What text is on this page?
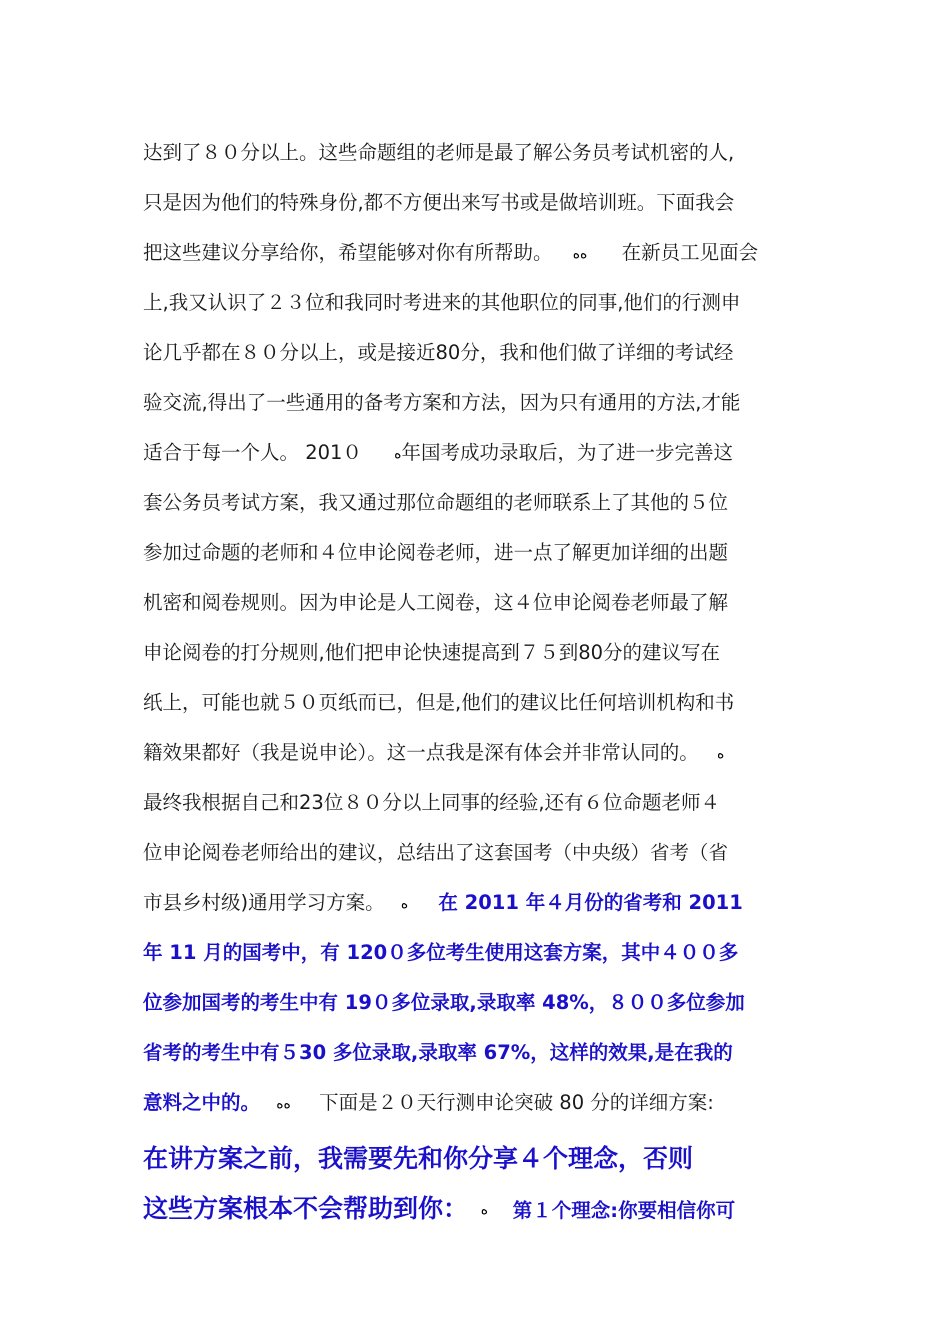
达到了８０分以上。这些命题组的老师是最了解公务员考试机密的人,
只是因为他们的特殊身份,都不方便出来写书或是做培训班。下面我会
把这些建议分享给你，希望能够对你有所帮助。 ﻩﻩ 在新员工见面会
上,我又认识了２３位和我同时考进来的其他职位的同事,他们的行测申
论几乎都在８０分以上，或是接近80分，我和他们做了详细的考试经
验交流,得出了一些通用的备考方案和方法，因为只有通用的方法,才能
适合于每一个人。 201０ ﻩ年国考成功录取后，为了进一步完善这
套公务员考试方案，我又通过那位命题组的老师联系上了其他的５位
参加过命题的老师和４位申论阅卷老师，进一点了解更加详细的出题
机密和阅卷规则。因为申论是人工阅卷，这４位申论阅卷老师最了解
申论阅卷的打分规则,他们把申论快速提高到７５到80分的建议写在
纸上，可能也就５０页纸而已，但是,他们的建议比任何培训机构和书
籍效果都好（我是说申论）。这一点我是深有体会并非常认同的。 ﻩ
最终我根据自己和23位８０分以上同事的经验,还有６位命题老师４
位申论阅卷老师给出的建议，总结出了这套国考（中央级）省考（省
市县乡村级)通用学习方案。 ﻩ 在 2011 年４月份的省考和 2011
年 11 月的国考中，有 120０多位考生使用这套方案，其中４００多
位参加国考的考生中有 19０多位录取,录取率 48%，８００多位参加
省考的考生中有５30 多位录取,录取率 67%，这样的效果,是在我的
意料之中的。 ﻩﻩ 下面是２０天行测申论突破 80 分的详细方案:
在讲方案之前，我需要先和你分享４个理念，否则
这些方案根本不会帮助到你： ﻩ 第１个理念:你要相信你可
